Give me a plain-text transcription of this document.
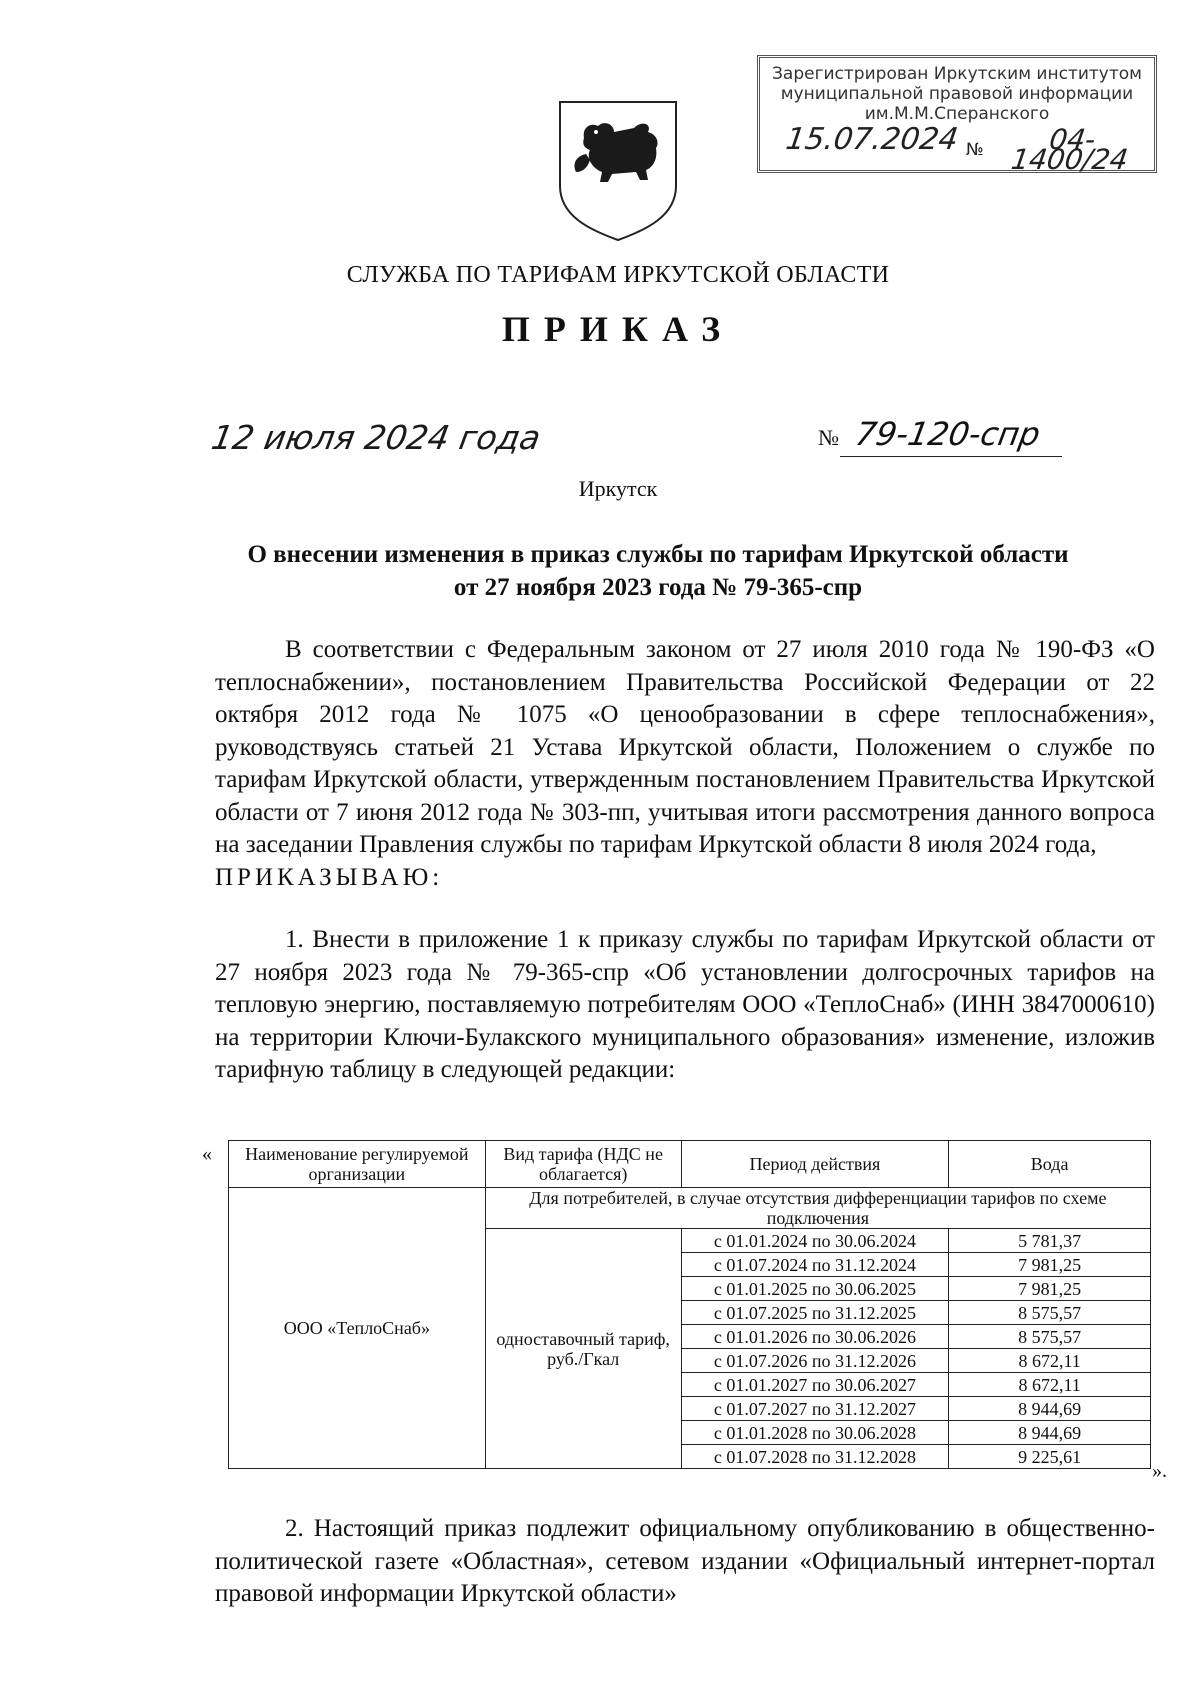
Зарегистрирован Иркутским институтом
муниципальной правовой информации
им.М.М.Сперанского
15.07.2024 №	04-1400/24
СЛУЖБА ПО ТАРИФАМ ИРКУТСКОЙ ОБЛАСТИ
ПРИКАЗ
12 июля 2024 года	№ 79-120-спр
Иркутск
О внесении изменения в приказ службы по тарифам Иркутской области
от 27 ноября 2023 года № 79-365-спр
В соответствии с Федеральным законом от 27 июля 2010 года № 190-ФЗ «О теплоснабжении», постановлением Правительства Российской Федерации от 22 октября 2012 года № 1075 «О ценообразовании в сфере теплоснабжения», руководствуясь статьей 21 Устава Иркутской области, Положением о службе по тарифам Иркутской области, утвержденным постановлением Правительства Иркутской области от 7 июня 2012 года № 303-пп, учитывая итоги рассмотрения данного вопроса на заседании Правления службы по тарифам Иркутской области 8 июля 2024 года,
ПРИКАЗЫВАЮ:
1. Внести в приложение 1 к приказу службы по тарифам Иркутской области от 27 ноября 2023 года № 79-365-спр «Об установлении долгосрочных тарифов на тепловую энергию, поставляемую потребителям ООО «ТеплоСнаб» (ИНН 3847000610) на территории Ключи-Булакского муниципального образования» изменение, изложив тарифную таблицу в следующей редакции:
« Наименование регулируемой организации	Вид тарифа (НДС не облагается)	Период действия	Вода
ООО «ТеплоСнаб»	Для потребителей, в случае отсутствия дифференциации тарифов по схеме подключения		
	одноставочный тариф, руб./Гкал	с 01.01.2024 по 30.06.2024	5 781,37
		с 01.07.2024 по 31.12.2024	7 981,25
		с 01.01.2025 по 30.06.2025	7 981,25
		с 01.07.2025 по 31.12.2025	8 575,57
		с 01.01.2026 по 30.06.2026	8 575,57
		с 01.07.2026 по 31.12.2026	8 672,11
		с 01.01.2027 по 30.06.2027	8 672,11
		с 01.07.2027 по 31.12.2027	8 944,69
		с 01.01.2028 по 30.06.2028	8 944,69
		с 01.07.2028 по 31.12.2028	9 225,61
».
2. Настоящий приказ подлежит официальному опубликованию в общественно-политической газете «Областная», сетевом издании «Официальный интернет-портал правовой информации Иркутской области»
